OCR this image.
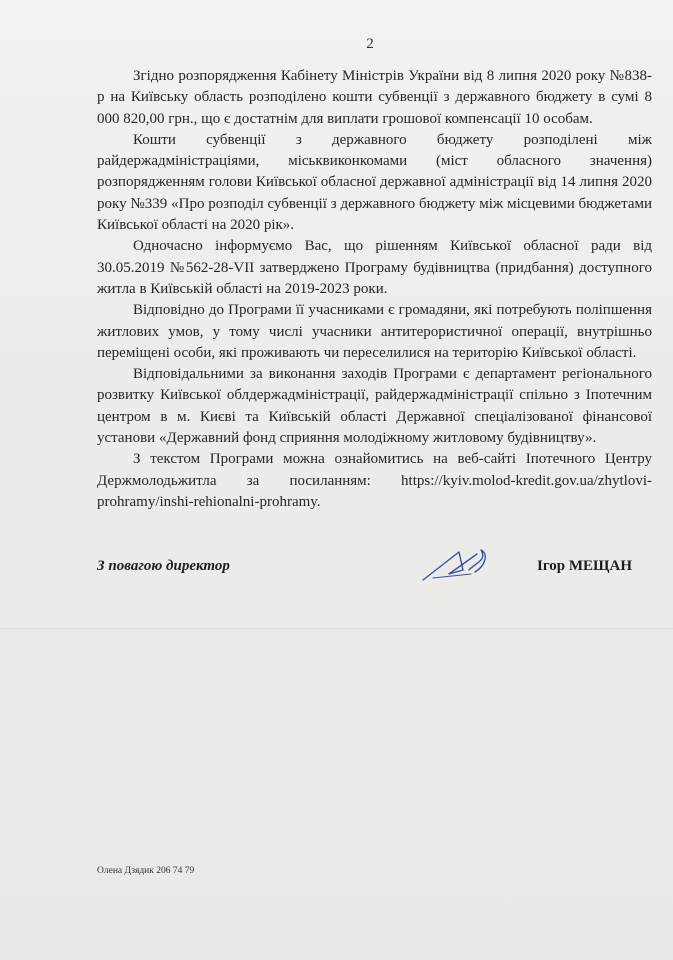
2

Згідно розпорядження Кабінету Міністрів України від 8 липня 2020 року №838-р на Київську область розподілено кошти субвенції з державного бюджету в сумі 8 000 820,00 грн., що є достатнім для виплати грошової компенсації 10 особам.

Кошти субвенції з державного бюджету розподілені між райдержадміністраціями, міськвиконкомами (міст обласного значення) розпорядженням голови Київської обласної державної адміністрації від 14 липня 2020 року №339 «Про розподіл субвенції з державного бюджету між місцевими бюджетами Київської області на 2020 рік».

Одночасно інформуємо Вас, що рішенням Київської обласної ради від 30.05.2019 №562-28-VII затверджено Програму будівництва (придбання) доступного житла в Київській області на 2019-2023 роки.

Відповідно до Програми її учасниками є громадяни, які потребують поліпшення житлових умов, у тому числі учасники антитерористичної операції, внутрішньо переміщені особи, які проживають чи переселилися на територію Київської області.

Відповідальними за виконання заходів Програми є департамент регіонального розвитку Київської облдержадміністрації, райдержадміністрації спільно з Іпотечним центром в м. Києві та Київській області Державної спеціалізованої фінансової установи «Державний фонд сприяння молодіжному житловому будівництву».

З текстом Програми можна ознайомитись на веб-сайті Іпотечного Центру Держмолодьжитла за посиланням: https://kyiv.molod-kredit.gov.ua/zhytlovi-prohramy/inshi-rehionalni-prohramy.

З повагою директор	Ігор МЕЩАН
Олена Дзядик 206 74 79
